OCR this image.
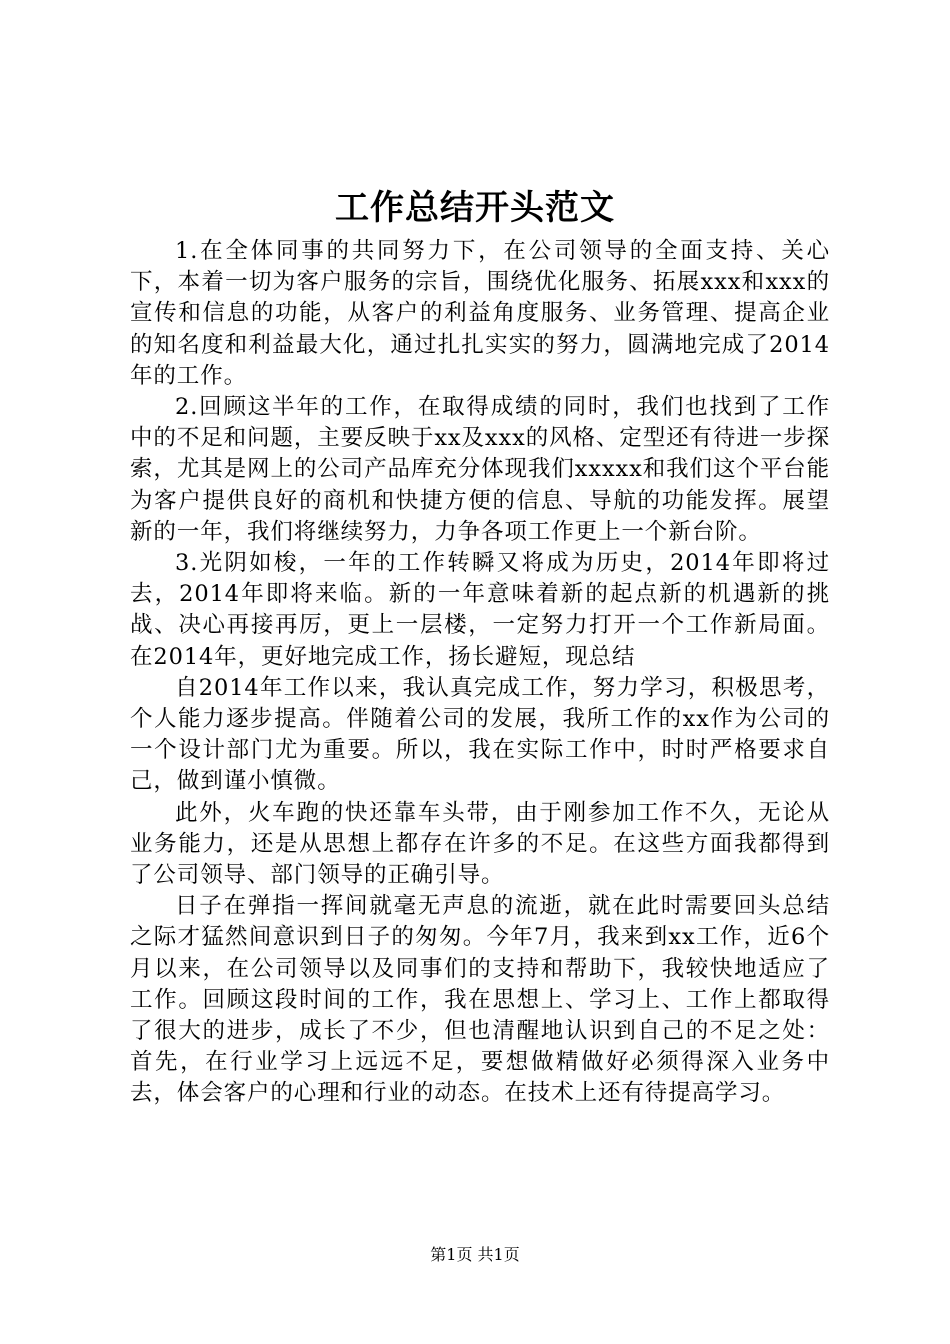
工作总结开头范文

1.在全体同事的共同努力下，在公司领导的全面支持、关心下，本着一切为客户服务的宗旨，围绕优化服务、拓展xxx和xxx的宣传和信息的功能，从客户的利益角度服务、业务管理、提高企业的知名度和利益最大化，通过扎扎实实的努力，圆满地完成了2014年的工作。

2.回顾这半年的工作，在取得成绩的同时，我们也找到了工作中的不足和问题，主要反映于xx及xxx的风格、定型还有待进一步探索，尤其是网上的公司产品库充分体现我们xxxxx和我们这个平台能为客户提供良好的商机和快捷方便的信息、导航的功能发挥。展望新的一年，我们将继续努力，力争各项工作更上一个新台阶。

3.光阴如梭，一年的工作转瞬又将成为历史，2014年即将过去，2014年即将来临。新的一年意味着新的起点新的机遇新的挑战、决心再接再厉，更上一层楼，一定努力打开一个工作新局面。在2014年，更好地完成工作，扬长避短，现总结

自2014年工作以来，我认真完成工作，努力学习，积极思考，个人能力逐步提高。伴随着公司的发展，我所工作的xx作为公司的一个设计部门尤为重要。所以，我在实际工作中，时时严格要求自己，做到谨小慎微。

此外，火车跑的快还靠车头带，由于刚参加工作不久，无论从业务能力，还是从思想上都存在许多的不足。在这些方面我都得到了公司领导、部门领导的正确引导。

日子在弹指一挥间就毫无声息的流逝，就在此时需要回头总结之际才猛然间意识到日子的匆匆。今年7月，我来到xx工作，近6个月以来，在公司领导以及同事们的支持和帮助下，我较快地适应了工作。回顾这段时间的工作，我在思想上、学习上、工作上都取得了很大的进步，成长了不少，但也清醒地认识到自己的不足之处：首先，在行业学习上远远不足，要想做精做好必须得深入业务中去，体会客户的心理和行业的动态。在技术上还有待提高学习。

第1页 共1页
